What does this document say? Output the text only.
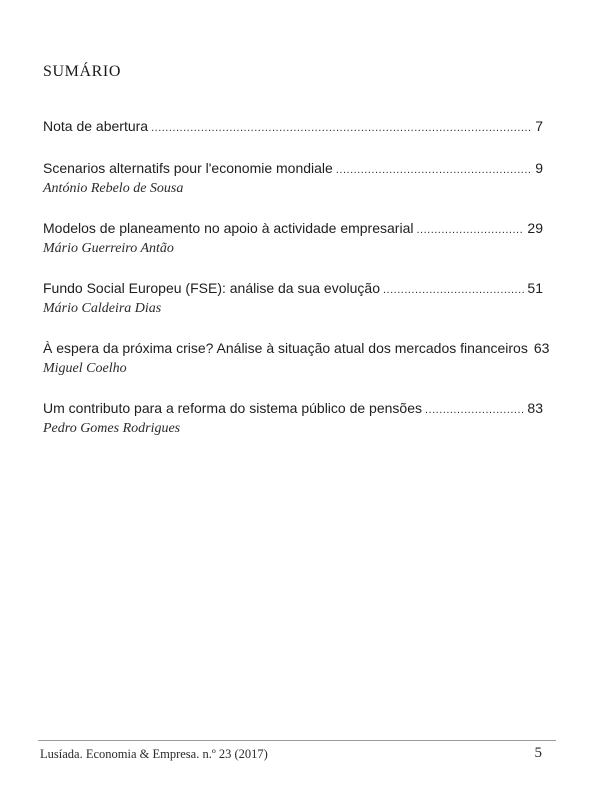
SUMÁRIO
Nota de abertura .....	7
Scenarios alternatifs pour l'economie mondiale .....	9
António Rebelo de Sousa
Modelos de planeamento no apoio à actividade empresarial .....	29
Mário Guerreiro Antão
Fundo Social Europeu (FSE): análise da sua evolução .....	51
Mário Caldeira Dias
À espera da próxima crise? Análise à situação atual dos mercados financeiros 63
Miguel Coelho
Um contributo para a reforma do sistema público de pensões .....	83
Pedro Gomes Rodrigues
Lusíada. Economia & Empresa. n.º 23 (2017)	5
